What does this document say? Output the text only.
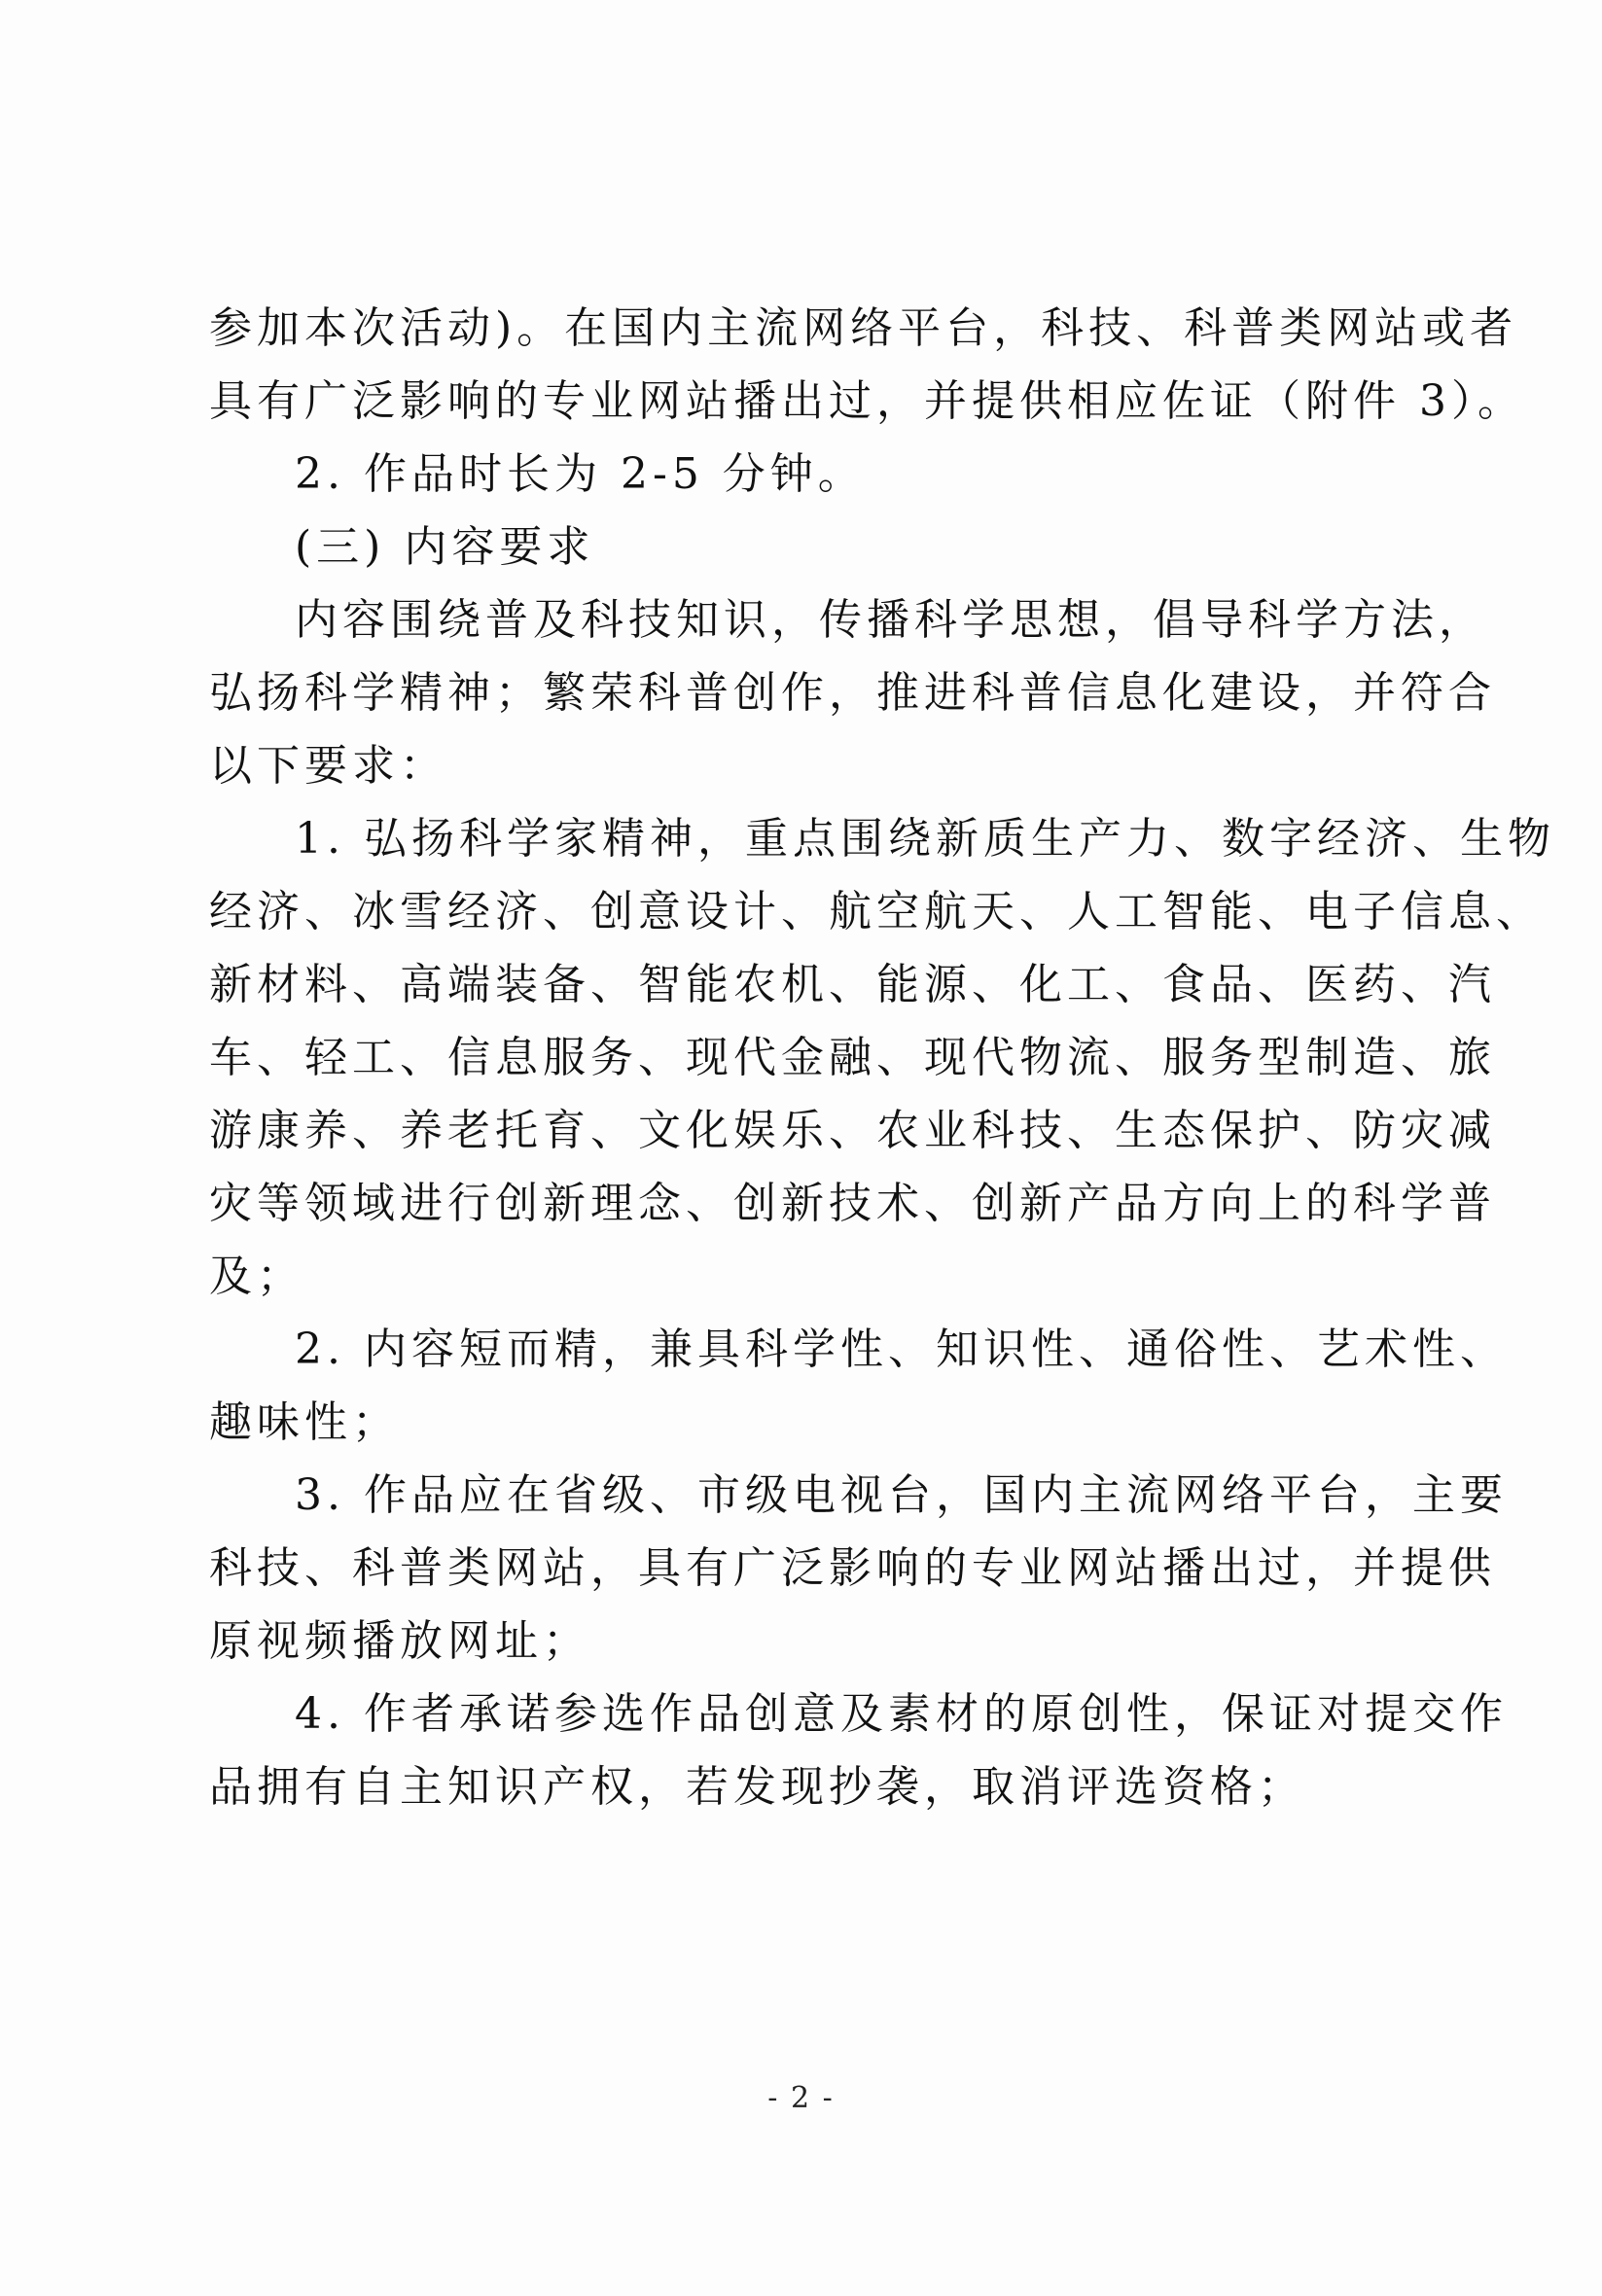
参加本次活动)。在国内主流网络平台，科技、科普类网站或者
具有广泛影响的专业网站播出过，并提供相应佐证（附件 3）。
2. 作品时长为 2-5 分钟。
(三) 内容要求
内容围绕普及科技知识，传播科学思想，倡导科学方法，
弘扬科学精神；繁荣科普创作，推进科普信息化建设，并符合
以下要求：
1. 弘扬科学家精神，重点围绕新质生产力、数字经济、生物
经济、冰雪经济、创意设计、航空航天、人工智能、电子信息、
新材料、高端装备、智能农机、能源、化工、食品、医药、汽
车、轻工、信息服务、现代金融、现代物流、服务型制造、旅
游康养、养老托育、文化娱乐、农业科技、生态保护、防灾减
灾等领域进行创新理念、创新技术、创新产品方向上的科学普
及；
2. 内容短而精，兼具科学性、知识性、通俗性、艺术性、
趣味性；
3. 作品应在省级、市级电视台，国内主流网络平台，主要
科技、科普类网站，具有广泛影响的专业网站播出过，并提供
原视频播放网址；
4. 作者承诺参选作品创意及素材的原创性，保证对提交作
品拥有自主知识产权，若发现抄袭，取消评选资格；
- 2 -
